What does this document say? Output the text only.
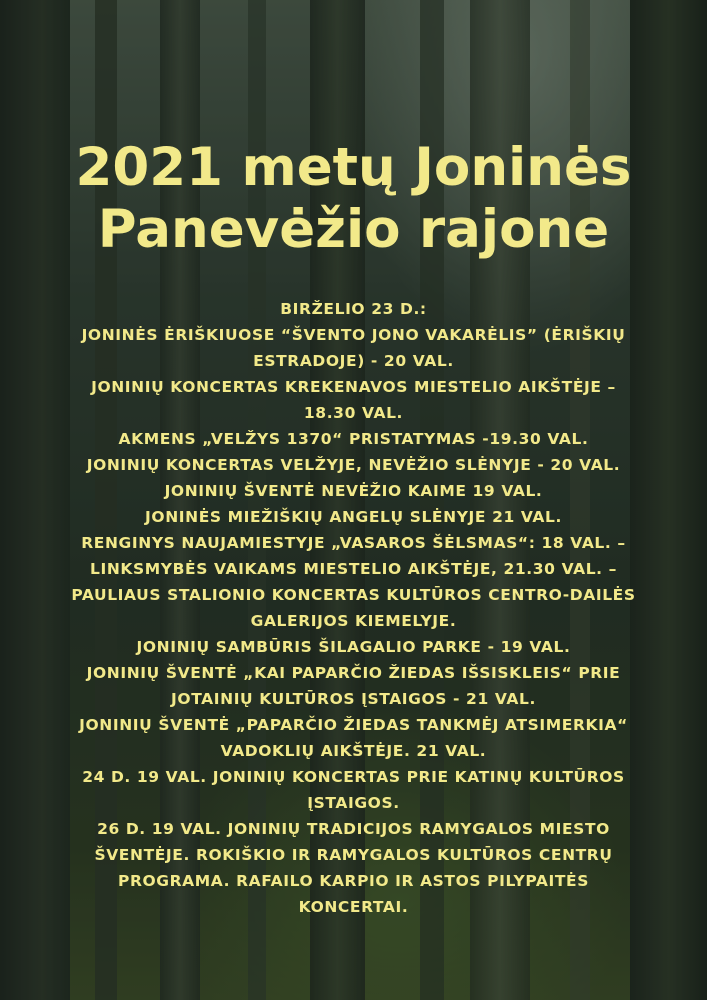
2021 metų Joninės
Panevėžio rajone
BIRŽELIO 23 D.:
JONINĖS ĖRIŠKIUOSE “ŠVENTO JONO VAKARĖLIS” (ĖRIŠKIŲ
ESTRADOJE) - 20 VAL.
JONINIŲ KONCERTAS KREKENAVOS MIESTELIO AIKŠTĖJE –
18.30 VAL.
AKMENS „VELŽYS 1370“ PRISTATYMAS -19.30 VAL.
JONINIŲ KONCERTAS VELŽYJE, NEVĖŽIO SLĖNYJE - 20 VAL.
JONINIŲ ŠVENTĖ NEVĖŽIO KAIME 19 VAL.
JONINĖS MIEŽIŠKIŲ ANGELŲ SLĖNYJE 21 VAL.
RENGINYS NAUJAMIESTYJE „VASAROS ŠĖLSMAS“: 18 VAL. –
LINKSMYBĖS VAIKAMS MIESTELIO AIKŠTĖJE, 21.30 VAL. –
PAULIAUS STALIONIO KONCERTAS KULTŪROS CENTRO-DAILĖS
GALERIJOS KIEMELYJE.
JONINIŲ SAMBŪRIS ŠILAGALIO PARKE - 19 VAL.
JONINIŲ ŠVENTĖ „KAI PAPARČIO ŽIEDAS IŠSISKLEIS“ PRIE
JOTAINIŲ KULTŪROS ĮSTAIGOS - 21 VAL.
JONINIŲ ŠVENTĖ „PAPARČIO ŽIEDAS TANKMĖJ ATSIMERKIA“
VADOKLIŲ AIKŠTĖJE. 21 VAL.
24 D. 19 VAL. JONINIŲ KONCERTAS PRIE KATINŲ KULTŪROS
ĮSTAIGOS.
26 D. 19 VAL. JONINIŲ TRADICIJOS RAMYGALOS MIESTO
ŠVENTĖJE. ROKIŠKIO IR RAMYGALOS KULTŪROS CENTRŲ
PROGRAMA. RAFAILO KARPIO IR ASTOS PILYPAITĖS
KONCERTAI.
